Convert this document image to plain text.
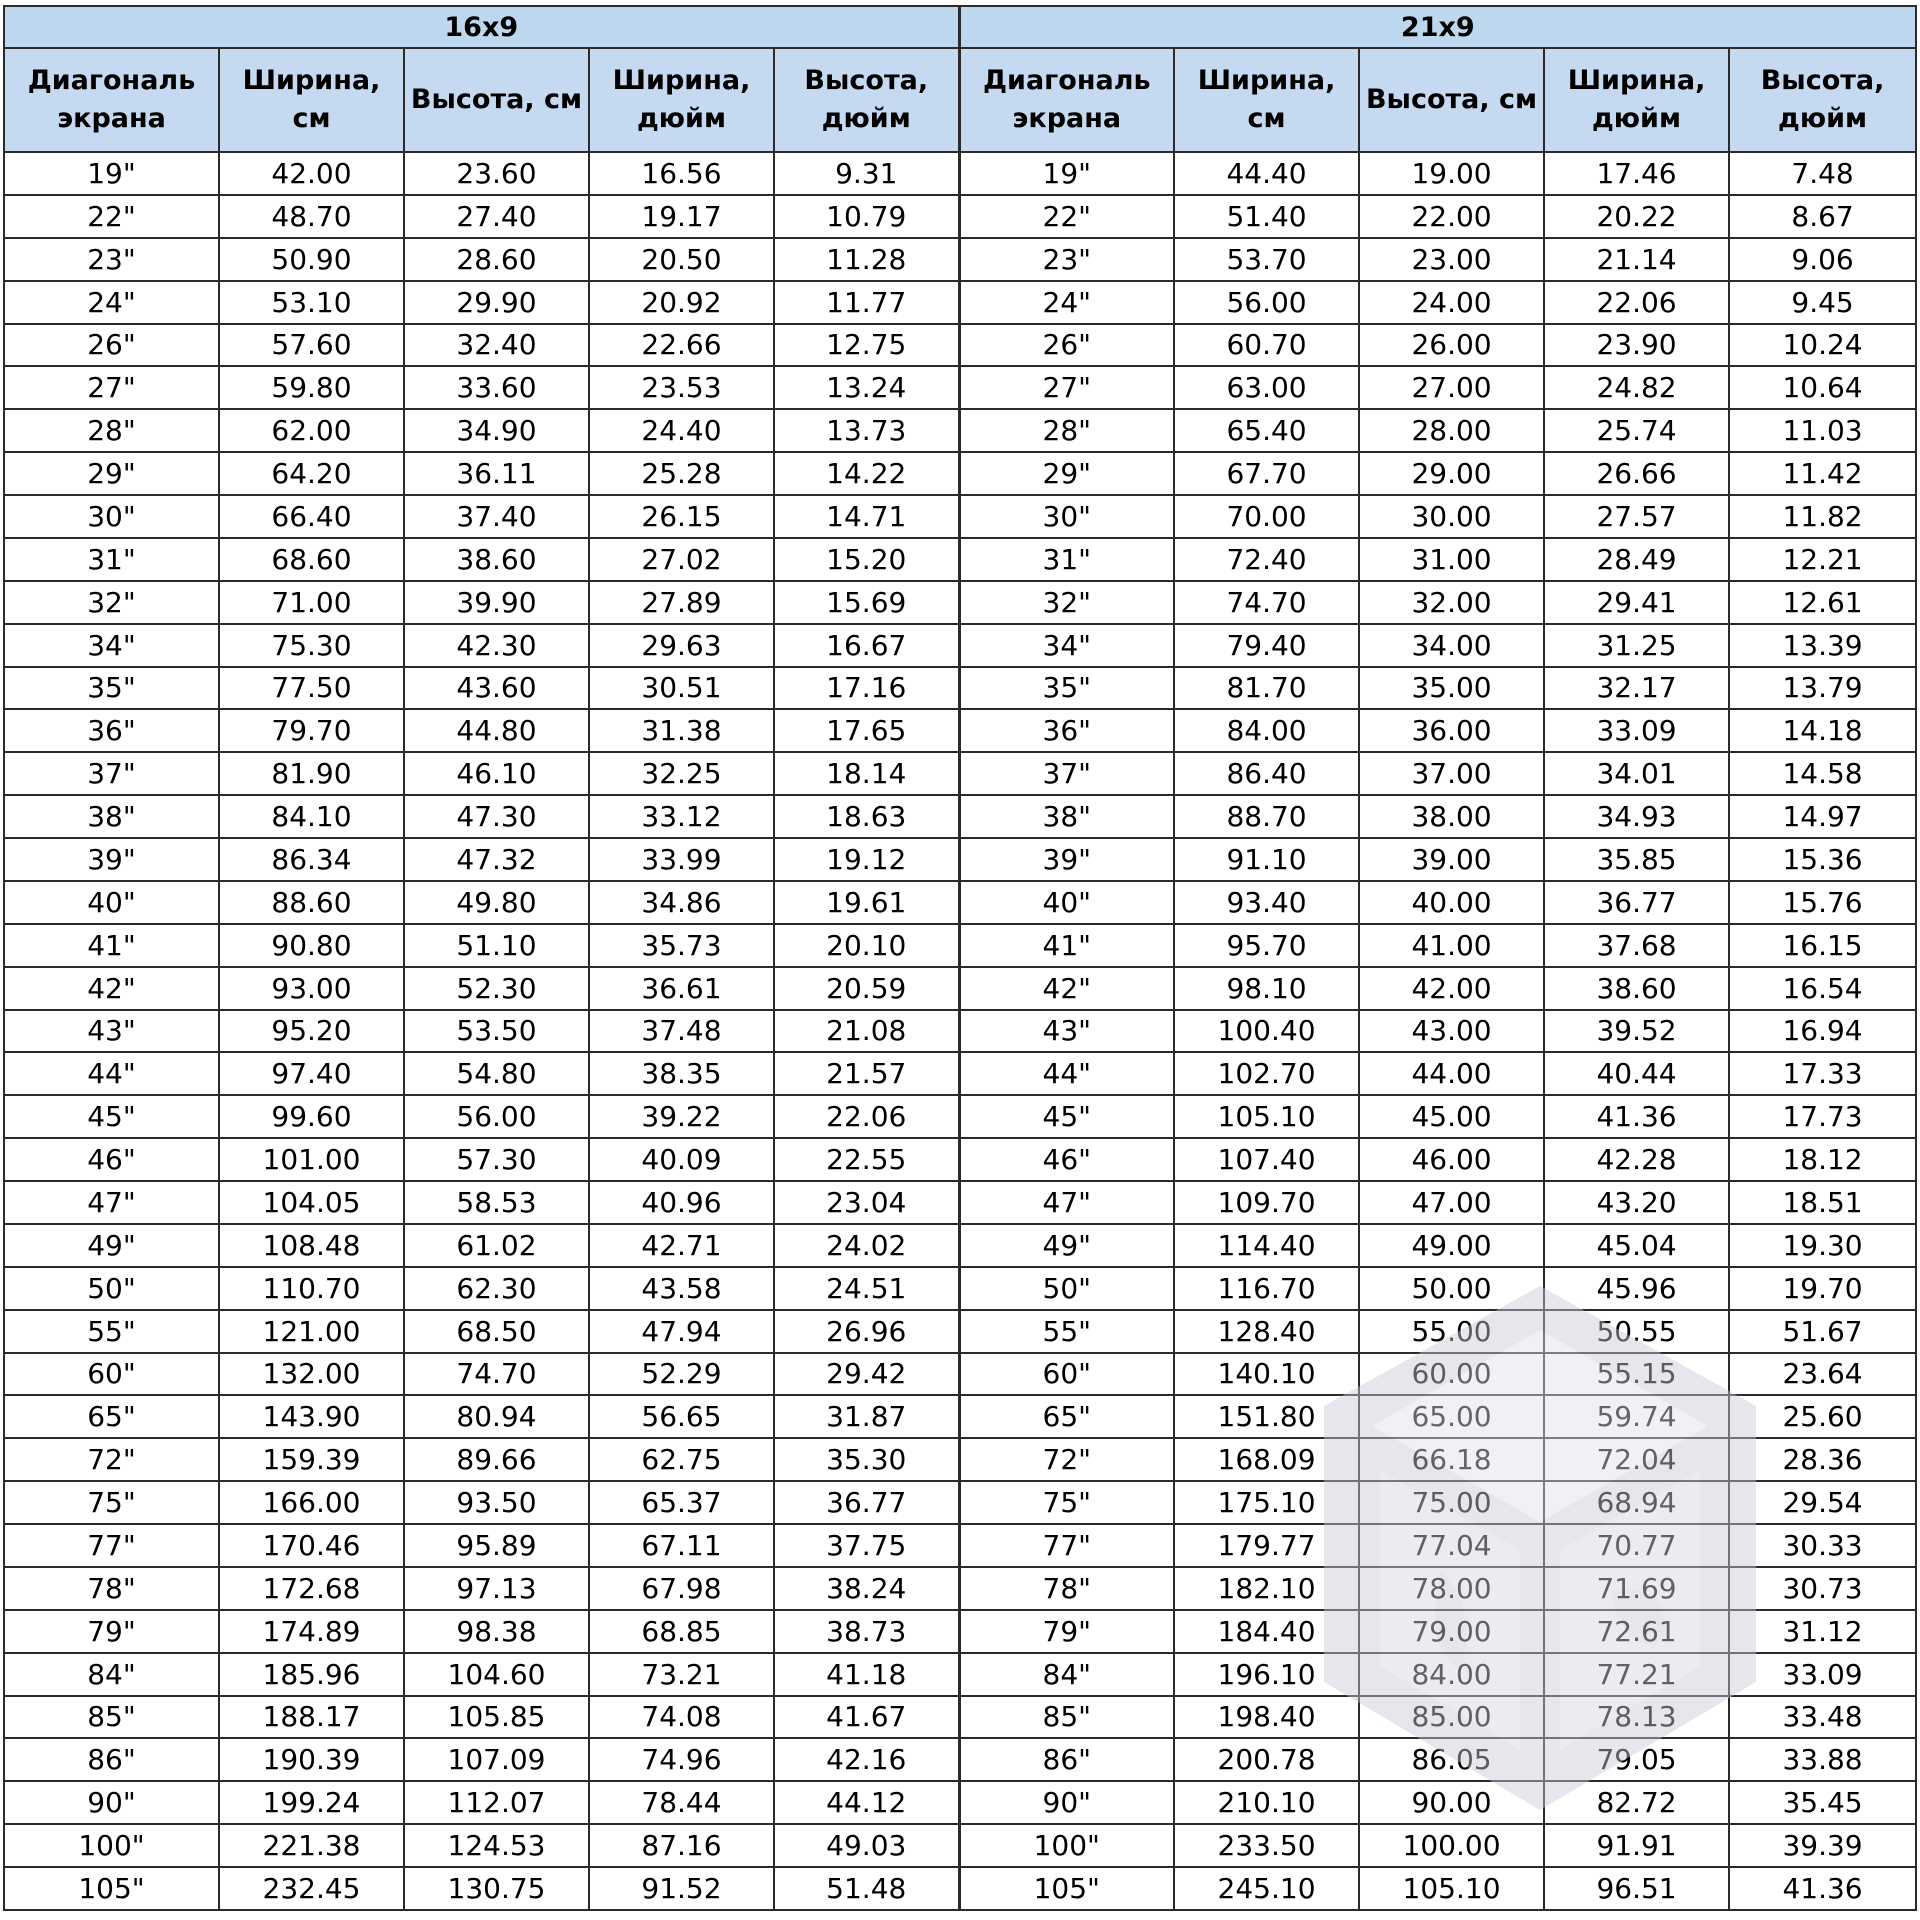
16x9					21x9				
Диагональ экрана	Ширина, см	Высота, см	Ширина, дюйм	Высота, дюйм	Диагональ экрана	Ширина, см	Высота, см	Ширина, дюйм	Высота, дюйм
19"	42.00	23.60	16.56	9.31	19"	44.40	19.00	17.46	7.48
22"	48.70	27.40	19.17	10.79	22"	51.40	22.00	20.22	8.67
23"	50.90	28.60	20.50	11.28	23"	53.70	23.00	21.14	9.06
24"	53.10	29.90	20.92	11.77	24"	56.00	24.00	22.06	9.45
26"	57.60	32.40	22.66	12.75	26"	60.70	26.00	23.90	10.24
27"	59.80	33.60	23.53	13.24	27"	63.00	27.00	24.82	10.64
28"	62.00	34.90	24.40	13.73	28"	65.40	28.00	25.74	11.03
29"	64.20	36.11	25.28	14.22	29"	67.70	29.00	26.66	11.42
30"	66.40	37.40	26.15	14.71	30"	70.00	30.00	27.57	11.82
31"	68.60	38.60	27.02	15.20	31"	72.40	31.00	28.49	12.21
32"	71.00	39.90	27.89	15.69	32"	74.70	32.00	29.41	12.61
34"	75.30	42.30	29.63	16.67	34"	79.40	34.00	31.25	13.39
35"	77.50	43.60	30.51	17.16	35"	81.70	35.00	32.17	13.79
36"	79.70	44.80	31.38	17.65	36"	84.00	36.00	33.09	14.18
37"	81.90	46.10	32.25	18.14	37"	86.40	37.00	34.01	14.58
38"	84.10	47.30	33.12	18.63	38"	88.70	38.00	34.93	14.97
39"	86.34	47.32	33.99	19.12	39"	91.10	39.00	35.85	15.36
40"	88.60	49.80	34.86	19.61	40"	93.40	40.00	36.77	15.76
41"	90.80	51.10	35.73	20.10	41"	95.70	41.00	37.68	16.15
42"	93.00	52.30	36.61	20.59	42"	98.10	42.00	38.60	16.54
43"	95.20	53.50	37.48	21.08	43"	100.40	43.00	39.52	16.94
44"	97.40	54.80	38.35	21.57	44"	102.70	44.00	40.44	17.33
45"	99.60	56.00	39.22	22.06	45"	105.10	45.00	41.36	17.73
46"	101.00	57.30	40.09	22.55	46"	107.40	46.00	42.28	18.12
47"	104.05	58.53	40.96	23.04	47"	109.70	47.00	43.20	18.51
49"	108.48	61.02	42.71	24.02	49"	114.40	49.00	45.04	19.30
50"	110.70	62.30	43.58	24.51	50"	116.70	50.00	45.96	19.70
55"	121.00	68.50	47.94	26.96	55"	128.40	55.00	50.55	51.67
60"	132.00	74.70	52.29	29.42	60"	140.10	60.00	55.15	23.64
65"	143.90	80.94	56.65	31.87	65"	151.80	65.00	59.74	25.60
72"	159.39	89.66	62.75	35.30	72"	168.09	66.18	72.04	28.36
75"	166.00	93.50	65.37	36.77	75"	175.10	75.00	68.94	29.54
77"	170.46	95.89	67.11	37.75	77"	179.77	77.04	70.77	30.33
78"	172.68	97.13	67.98	38.24	78"	182.10	78.00	71.69	30.73
79"	174.89	98.38	68.85	38.73	79"	184.40	79.00	72.61	31.12
84"	185.96	104.60	73.21	41.18	84"	196.10	84.00	77.21	33.09
85"	188.17	105.85	74.08	41.67	85"	198.40	85.00	78.13	33.48
86"	190.39	107.09	74.96	42.16	86"	200.78	86.05	79.05	33.88
90"	199.24	112.07	78.44	44.12	90"	210.10	90.00	82.72	35.45
100"	221.38	124.53	87.16	49.03	100"	233.50	100.00	91.91	39.39
105"	232.45	130.75	91.52	51.48	105"	245.10	105.10	96.51	41.36
